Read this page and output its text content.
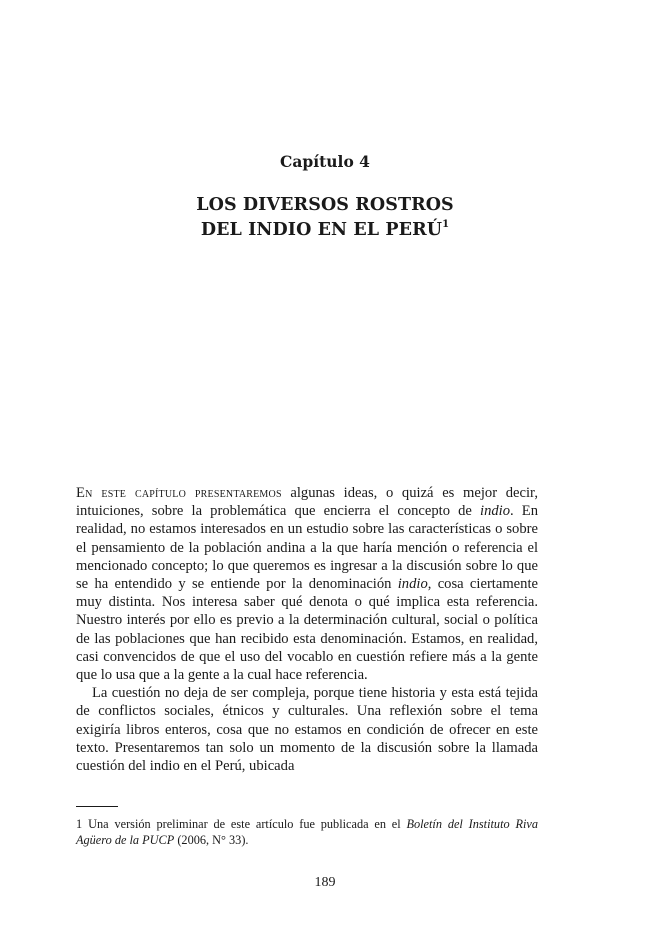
Capítulo 4
LOS DIVERSOS ROSTROS
DEL INDIO EN EL PERÚ$^1$

En este capítulo presentaremos algunas ideas, o quizá es mejor decir, intuiciones, sobre la problemática que encierra el concepto de indio. En realidad, no estamos interesados en un estudio sobre las características o sobre el pensamiento de la población andina a la que haría mención o referencia el mencionado concepto; lo que queremos es ingresar a la discusión sobre lo que se ha entendido y se entiende por la denominación indio, cosa ciertamente muy distinta. Nos interesa saber qué denota o qué implica esta referencia. Nuestro interés por ello es previo a la determinación cultural, social o política de las poblaciones que han recibido esta denominación. Estamos, en realidad, casi convencidos de que el uso del vocablo en cuestión refiere más a la gente que lo usa que a la gente a la cual hace referencia.

La cuestión no deja de ser compleja, porque tiene historia y esta está tejida de conflictos sociales, étnicos y culturales. Una reflexión sobre el tema exigiría libros enteros, cosa que no estamos en condición de ofrecer en este texto. Presentaremos tan solo un momento de la discusión sobre la llamada cuestión del indio en el Perú, ubicada

1 Una versión preliminar de este artículo fue publicada en el Boletín del Instituto Riva Agüero de la PUCP (2006, N° 33).
189
